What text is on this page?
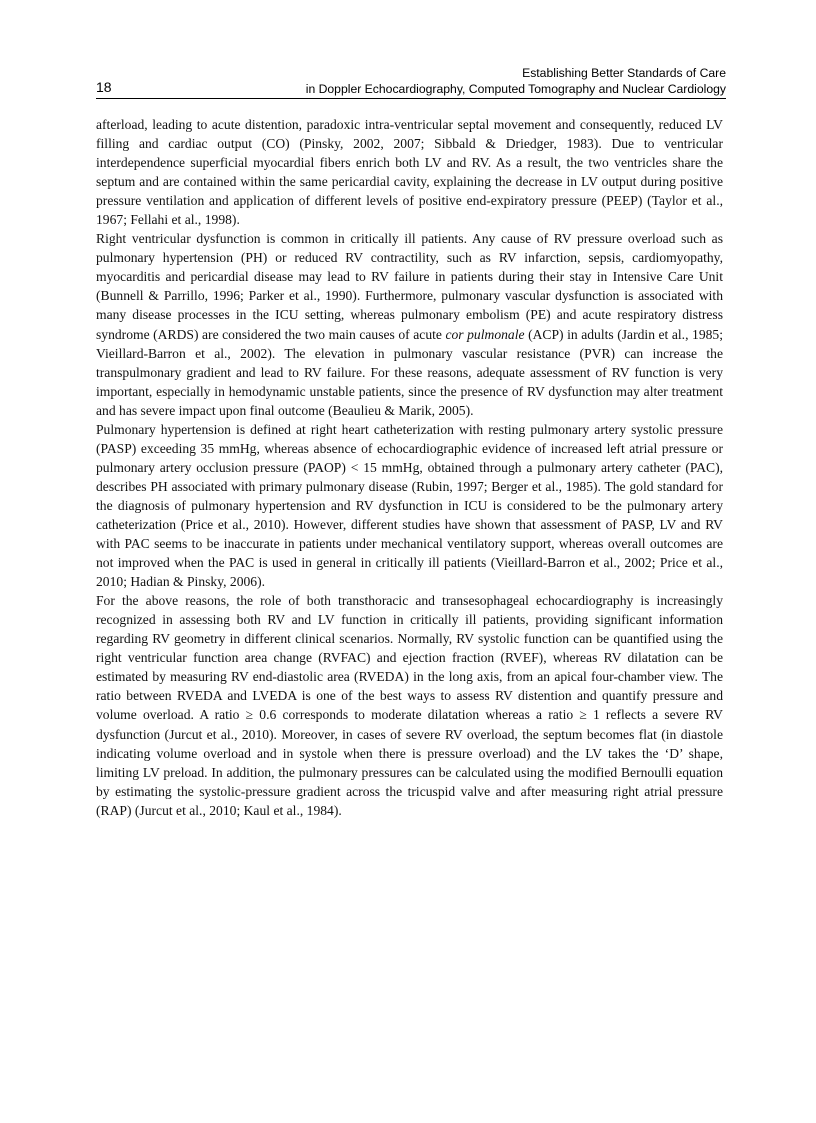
18
Establishing Better Standards of Care
in Doppler Echocardiography, Computed Tomography and Nuclear Cardiology

afterload, leading to acute distention, paradoxic intra-ventricular septal movement and consequently, reduced LV filling and cardiac output (CO) (Pinsky, 2002, 2007; Sibbald & Driedger, 1983). Due to ventricular interdependence superficial myocardial fibers enrich both LV and RV. As a result, the two ventricles share the septum and are contained within the same pericardial cavity, explaining the decrease in LV output during positive pressure ventilation and application of different levels of positive end-expiratory pressure (PEEP) (Taylor et al., 1967; Fellahi et al., 1998).

Right ventricular dysfunction is common in critically ill patients. Any cause of RV pressure overload such as pulmonary hypertension (PH) or reduced RV contractility, such as RV infarction, sepsis, cardiomyopathy, myocarditis and pericardial disease may lead to RV failure in patients during their stay in Intensive Care Unit (Bunnell & Parrillo, 1996; Parker et al., 1990). Furthermore, pulmonary vascular dysfunction is associated with many disease processes in the ICU setting, whereas pulmonary embolism (PE) and acute respiratory distress syndrome (ARDS) are considered the two main causes of acute cor pulmonale (ACP) in adults (Jardin et al., 1985; Vieillard-Barron et al., 2002). The elevation in pulmonary vascular resistance (PVR) can increase the transpulmonary gradient and lead to RV failure. For these reasons, adequate assessment of RV function is very important, especially in hemodynamic unstable patients, since the presence of RV dysfunction may alter treatment and has severe impact upon final outcome (Beaulieu & Marik, 2005).

Pulmonary hypertension is defined at right heart catheterization with resting pulmonary artery systolic pressure (PASP) exceeding 35 mmHg, whereas absence of echocardiographic evidence of increased left atrial pressure or pulmonary artery occlusion pressure (PAOP) < 15 mmHg, obtained through a pulmonary artery catheter (PAC), describes PH associated with primary pulmonary disease (Rubin, 1997; Berger et al., 1985). The gold standard for the diagnosis of pulmonary hypertension and RV dysfunction in ICU is considered to be the pulmonary artery catheterization (Price et al., 2010). However, different studies have shown that assessment of PASP, LV and RV with PAC seems to be inaccurate in patients under mechanical ventilatory support, whereas overall outcomes are not improved when the PAC is used in general in critically ill patients (Vieillard-Barron et al., 2002; Price et al., 2010; Hadian & Pinsky, 2006).

For the above reasons, the role of both transthoracic and transesophageal echocardiography is increasingly recognized in assessing both RV and LV function in critically ill patients, providing significant information regarding RV geometry in different clinical scenarios. Normally, RV systolic function can be quantified using the right ventricular function area change (RVFAC) and ejection fraction (RVEF), whereas RV dilatation can be estimated by measuring RV end-diastolic area (RVEDA) in the long axis, from an apical four-chamber view. The ratio between RVEDA and LVEDA is one of the best ways to assess RV distention and quantify pressure and volume overload. A ratio ≥ 0.6 corresponds to moderate dilatation whereas a ratio ≥ 1 reflects a severe RV dysfunction (Jurcut et al., 2010). Moreover, in cases of severe RV overload, the septum becomes flat (in diastole indicating volume overload and in systole when there is pressure overload) and the LV takes the ‘D’ shape, limiting LV preload. In addition, the pulmonary pressures can be calculated using the modified Bernoulli equation by estimating the systolic-pressure gradient across the tricuspid valve and after measuring right atrial pressure (RAP) (Jurcut et al., 2010; Kaul et al., 1984).
